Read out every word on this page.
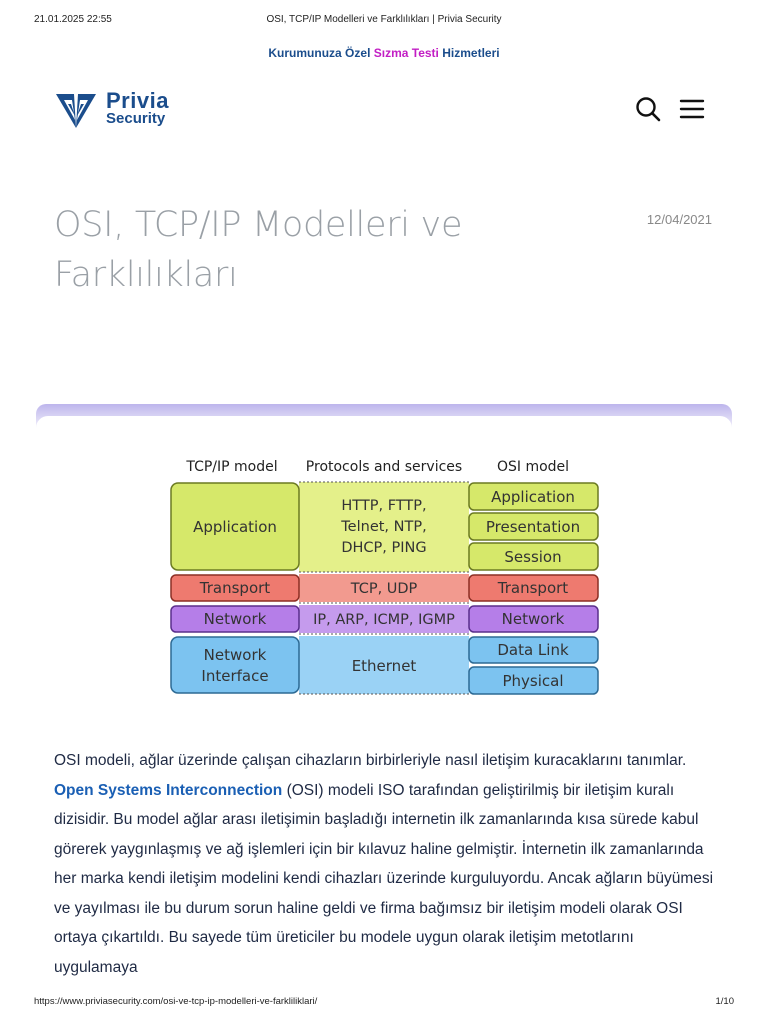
21.01.2025 22:55	OSI, TCP/IP Modelleri ve Farklılıkları | Privia Security
Kurumunuza Özel Sızma Testi Hizmetleri
Privia
Security
OSI, TCP/IP Modelleri ve Farklılıkları
12/04/2021
TCP/IP model Protocols and services OSI model
Application
Transport
Network
Network Interface
HTTP, FTTP, Telnet, NTP, DHCP, PING
TCP, UDP
IP, ARP, ICMP, IGMP
Ethernet
Application
Presentation
Session
Transport
Network
Data Link
Physical
OSI modeli, ağlar üzerinde çalışan cihazların birbirleriyle nasıl iletişim kuracaklarını tanımlar. Open Systems Interconnection (OSI) modeli ISO tarafından geliştirilmiş bir iletişim kuralı dizisidir. Bu model ağlar arası iletişimin başladığı internetin ilk zamanlarında kısa sürede kabul görerek yaygınlaşmış ve ağ işlemleri için bir kılavuz haline gelmiştir. İnternetin ilk zamanlarında her marka kendi iletişim modelini kendi cihazları üzerinde kurguluyordu. Ancak ağların büyümesi ve yayılması ile bu durum sorun haline geldi ve firma bağımsız bir iletişim modeli olarak OSI ortaya çıkartıldı. Bu sayede tüm üreticiler bu modele uygun olarak iletişim metotlarını uygulamaya
https://www.priviasecurity.com/osi-ve-tcp-ip-modelleri-ve-farkliliklari/	1/10
